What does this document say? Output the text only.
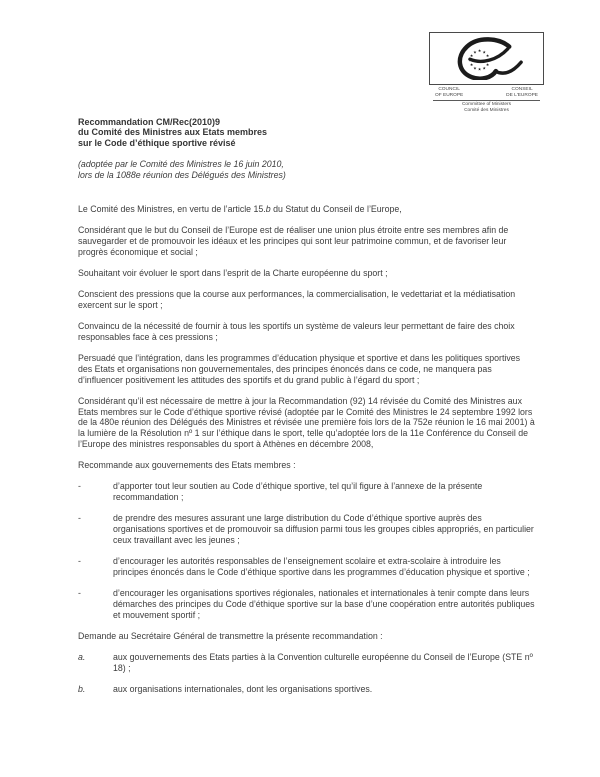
★
★
★
★
★
★
★
★
★ ★ ★
★
COUNCIL
OF EUROPE
CONSEIL
DE L'EUROPE
Committee of Ministers
Comité des Ministres
Recommandation CM/Rec(2010)9
du Comité des Ministres aux Etats membres
sur le Code d’éthique sportive révisé
(adoptée par le Comité des Ministres le 16 juin 2010,
lors de la 1088e réunion des Délégués des Ministres)

Le Comité des Ministres, en vertu de l’article 15.b du Statut du Conseil de l’Europe,

Considérant que le but du Conseil de l’Europe est de réaliser une union plus étroite entre ses membres afin de sauvegarder et de promouvoir les idéaux et les principes qui sont leur patrimoine commun, et de favoriser leur progrès économique et social ;

Souhaitant voir évoluer le sport dans l’esprit de la Charte européenne du sport ;

Conscient des pressions que la course aux performances, la commercialisation, le vedettariat et la médiatisation exercent sur le sport ;

Convaincu de la nécessité de fournir à tous les sportifs un système de valeurs leur permettant de faire des choix responsables face à ces pressions ;

Persuadé que l’intégration, dans les programmes d’éducation physique et sportive et dans les politiques sportives des Etats et organisations non gouvernementales, des principes énoncés dans ce code, ne manquera pas d’influencer positivement les attitudes des sportifs et du grand public à l’égard du sport ;

Considérant qu’il est nécessaire de mettre à jour la Recommandation (92) 14 révisée du Comité des Ministres aux Etats membres sur le Code d’éthique sportive révisé (adoptée par le Comité des Ministres le 24 septembre 1992 lors de la 480e réunion des Délégués des Ministres et révisée une première fois lors de la 752e réunion le 16 mai 2001) à la lumière de la Résolution nº 1 sur l’éthique dans le sport, telle qu’adoptée lors de la 11e Conférence du Conseil de l’Europe des ministres responsables du sport à Athènes en décembre 2008,

Recommande aux gouvernements des Etats membres :

-	d’apporter tout leur soutien au Code d’éthique sportive, tel qu’il figure à l’annexe de la présente recommandation ;
-	de prendre des mesures assurant une large distribution du Code d’éthique sportive auprès des organisations sportives et de promouvoir sa diffusion parmi tous les groupes cibles appropriés, en particulier ceux travaillant avec les jeunes ;
-	d’encourager les autorités responsables de l’enseignement scolaire et extra-scolaire à introduire les principes énoncés dans le Code d’éthique sportive dans les programmes d’éducation physique et sportive ;
-	d’encourager les organisations sportives régionales, nationales et internationales à tenir compte dans leurs démarches des principes du Code d’éthique sportive sur la base d’une coopération entre autorités publiques et mouvement sportif ;

Demande au Secrétaire Général de transmettre la présente recommandation :

a.	aux gouvernements des Etats parties à la Convention culturelle européenne du Conseil de l’Europe (STE nº 18) ;
b.	aux organisations internationales, dont les organisations sportives.
